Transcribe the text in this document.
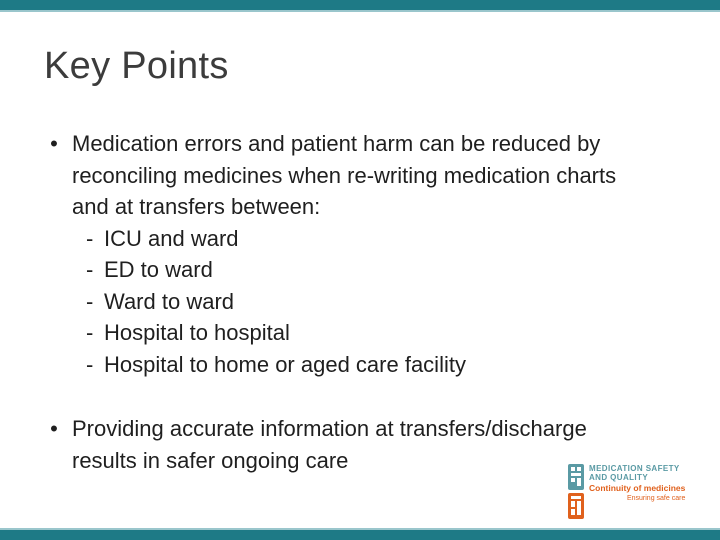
Key Points
• Medication errors and patient harm can be reduced by
reconciling medicines when re-writing medication charts
and at transfers between:
- ICU and ward
- ED to ward
- Ward to ward
- Hospital to hospital
- Hospital to home or aged care facility
• Providing accurate information at transfers/discharge
results in safer ongoing care	MEDICATION SAFETY
AND QUALITY
Continuity of medicines
Ensuring safe care
